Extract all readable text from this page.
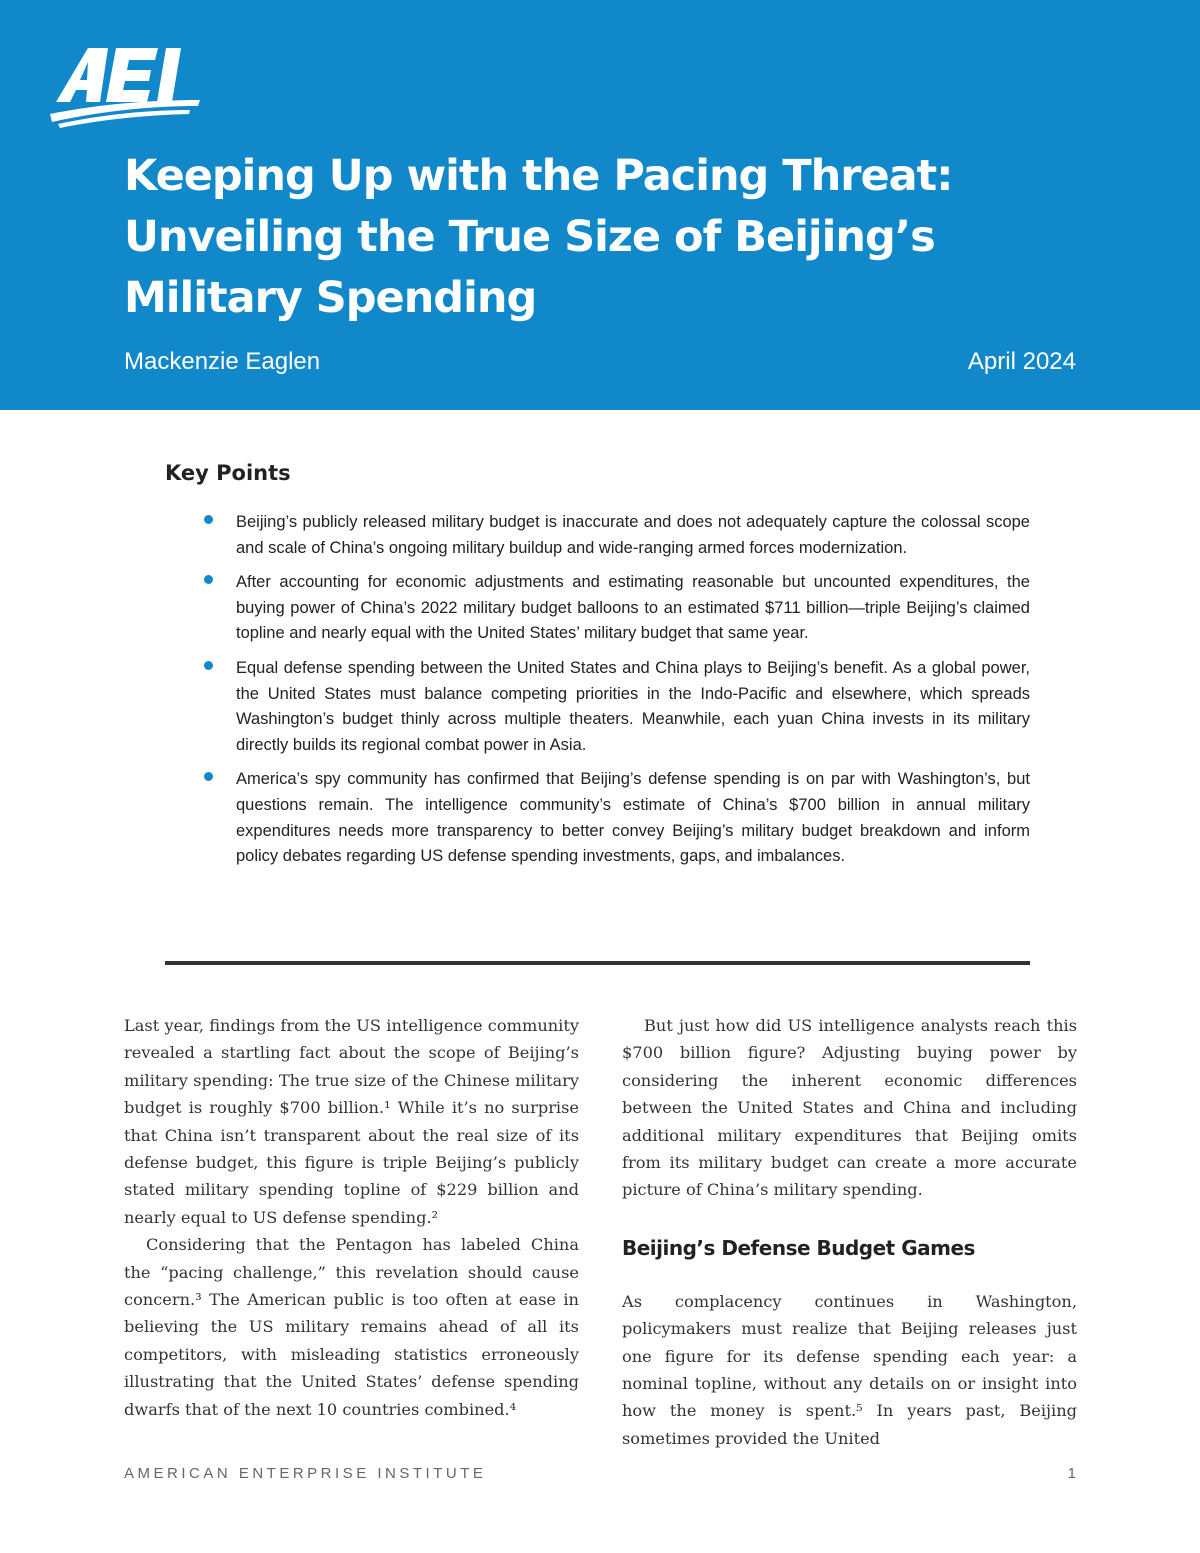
Keeping Up with the Pacing Threat:
Unveiling the True Size of Beijing’s
Military Spending
Mackenzie Eaglen	April 2024
Key Points
Beijing’s publicly released military budget is inaccurate and does not adequately capture the colossal scope and scale of China’s ongoing military buildup and wide-ranging armed forces modernization.
After accounting for economic adjustments and estimating reasonable but uncounted expenditures, the buying power of China’s 2022 military budget balloons to an estimated $711 billion—triple Beijing’s claimed topline and nearly equal with the United States’ military budget that same year.
Equal defense spending between the United States and China plays to Beijing’s benefit. As a global power, the United States must balance competing priorities in the Indo-Pacific and elsewhere, which spreads Washington’s budget thinly across multiple theaters. Meanwhile, each yuan China invests in its military directly builds its regional combat power in Asia.
America’s spy community has confirmed that Beijing’s defense spending is on par with Washington’s, but questions remain. The intelligence community’s estimate of China’s $700 billion in annual military expenditures needs more transparency to better convey Beijing’s military budget breakdown and inform policy debates regarding US defense spending investments, gaps, and imbalances.

Last year, findings from the US intelligence community revealed a startling fact about the scope of Beijing’s military spending: The true size of the Chinese military budget is roughly $700 billion.¹ While it’s no surprise that China isn’t transparent about the real size of its defense budget, this figure is triple Beijing’s publicly stated military spending topline of $229 billion and nearly equal to US defense spending.²

Considering that the Pentagon has labeled China the “pacing challenge,” this revelation should cause concern.³ The American public is too often at ease in believing the US military remains ahead of all its competitors, with misleading statistics erroneously illustrating that the United States’ defense spending dwarfs that of the next 10 countries combined.⁴

But just how did US intelligence analysts reach this $700 billion figure? Adjusting buying power by considering the inherent economic differences between the United States and China and including additional military expenditures that Beijing omits from its military budget can create a more accurate picture of China’s military spending.

Beijing’s Defense Budget Games

As complacency continues in Washington, policymakers must realize that Beijing releases just one figure for its defense spending each year: a nominal topline, without any details on or insight into how the money is spent.⁵ In years past, Beijing sometimes provided the United

AMERICAN ENTERPRISE INSTITUTE	1
